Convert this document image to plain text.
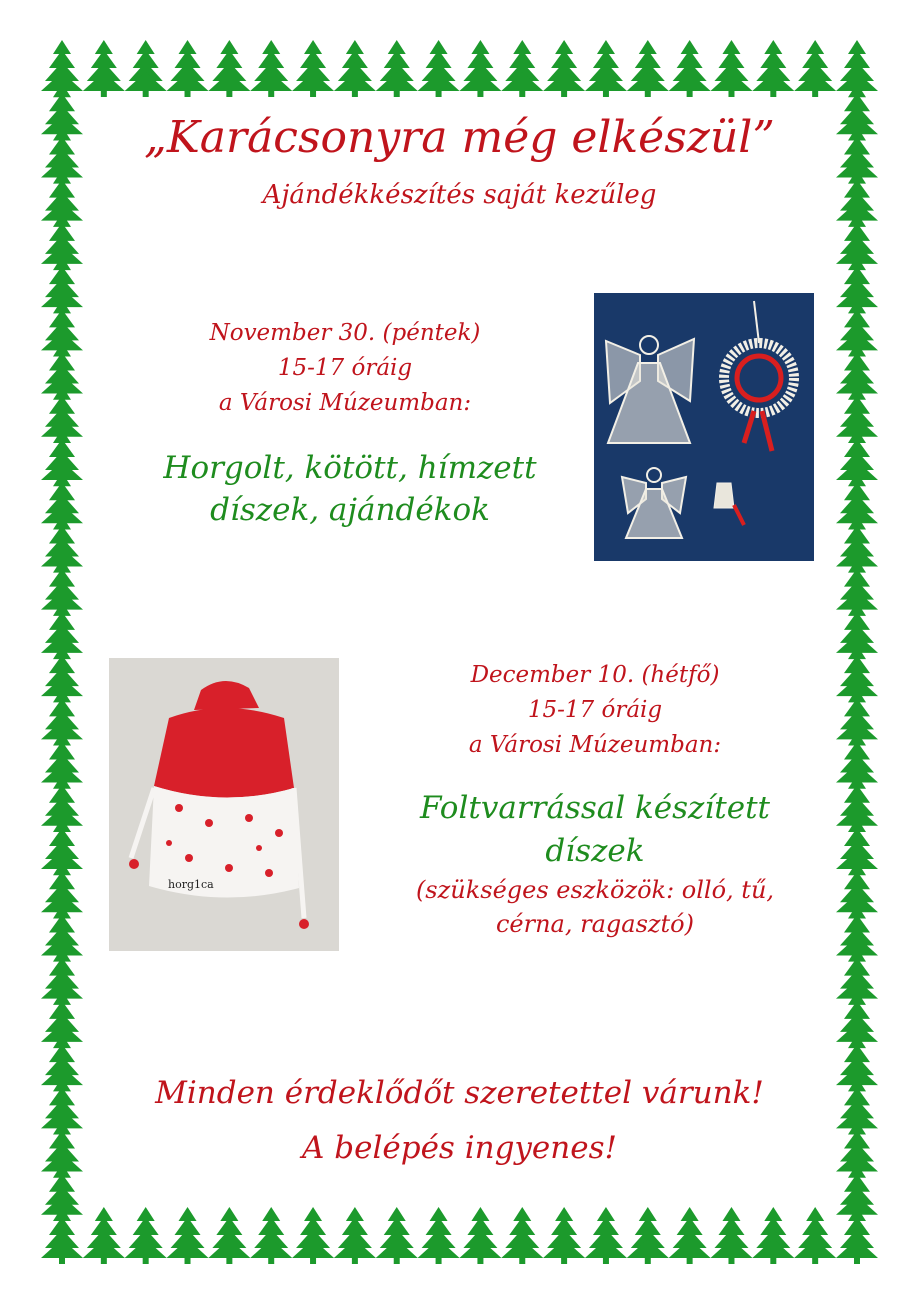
„Karácsonyra még elkészül”
Ajándékkészítés saját kezűleg
November 30. (péntek)
15-17 óráig
a Városi Múzeumban:
Horgolt, kötött, hímzett
díszek, ajándékok
horg1ca
December 10. (hétfő)
15-17 óráig
a Városi Múzeumban:
Foltvarrással készített
díszek
(szükséges eszközök: olló, tű,
cérna, ragasztó)
Minden érdeklődőt szeretettel várunk!
A belépés ingyenes!
